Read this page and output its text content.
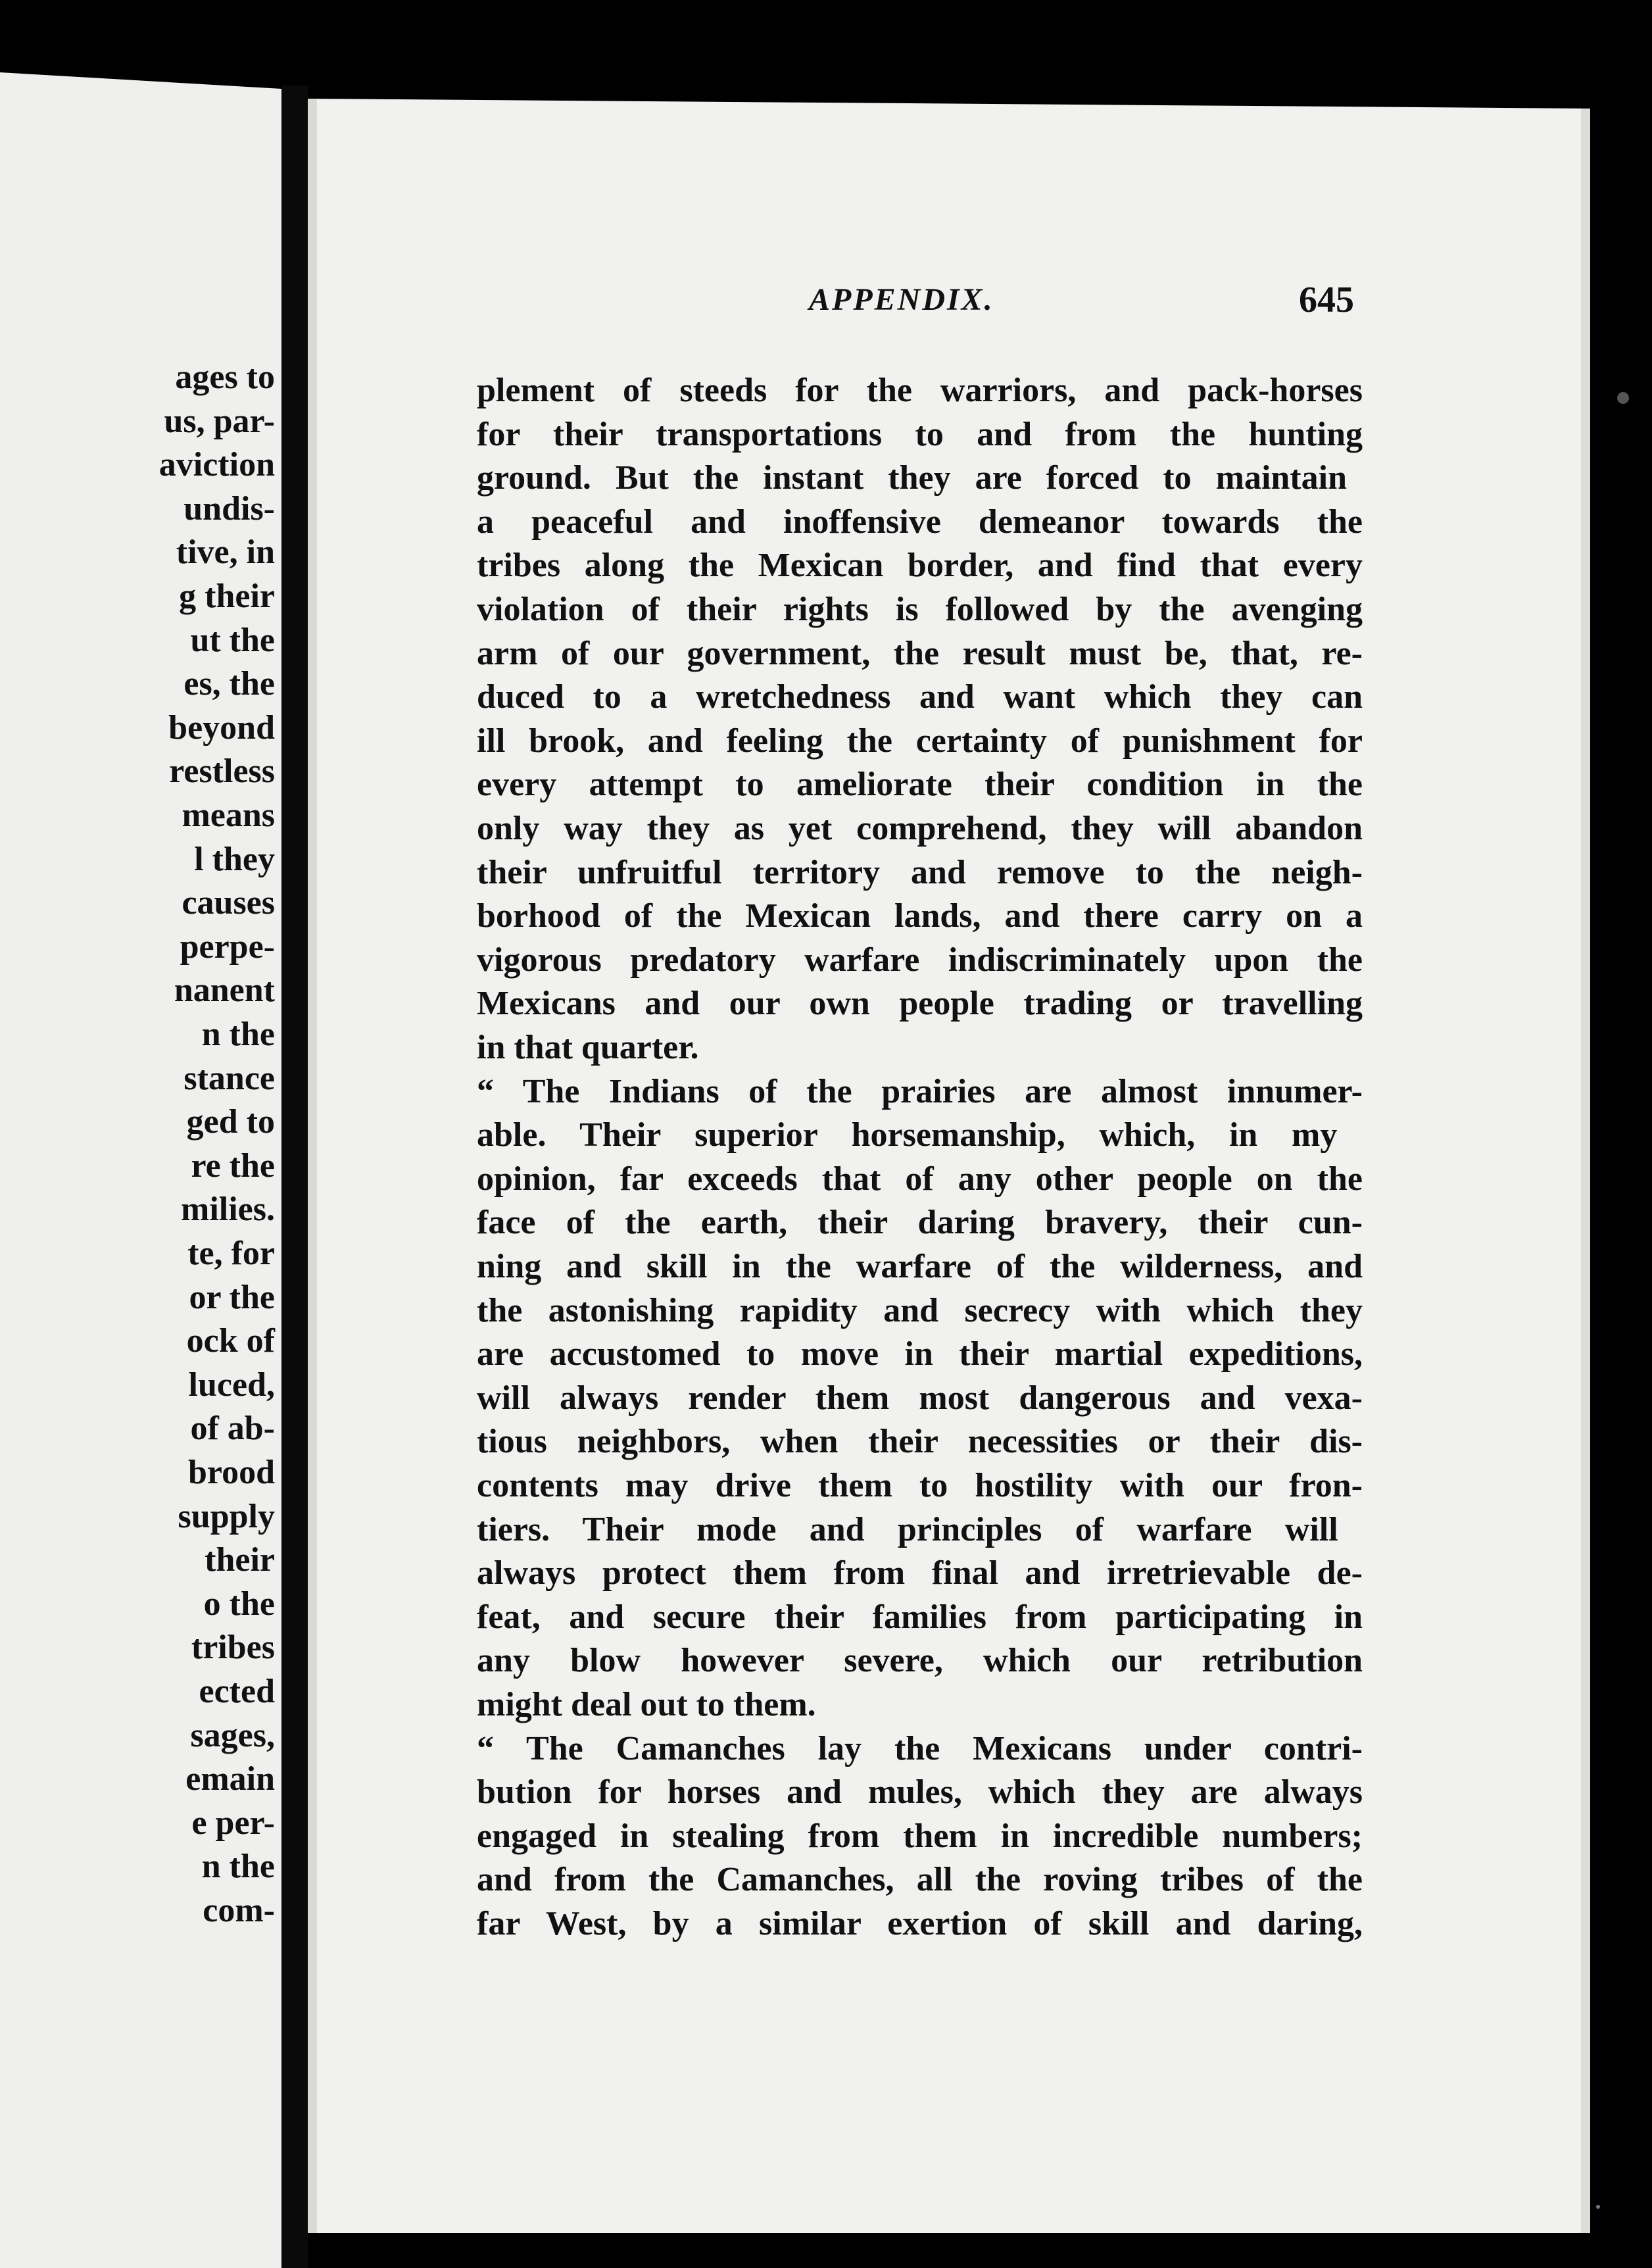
APPENDIX.	645
ages to
us, par-
aviction
undis-
tive, in
g their
ut the
es, the
beyond
restless
means
l they
causes
perpe-
nanent
n the
stance
ged to
re the
milies.
te, for
or the
ock of
luced,
of ab-
brood
supply
their
o the
tribes
ected
sages,
emain
e per-
n the
com-
plement of steeds for the warriors, and pack-horses
for their transportations to and from the hunting
ground. But the instant they are forced to maintain
a peaceful and inoffensive demeanor towards the
tribes along the Mexican border, and find that every
violation of their rights is followed by the avenging
arm of our government, the result must be, that, re-
duced to a wretchedness and want which they can
ill brook, and feeling the certainty of punishment for
every attempt to ameliorate their condition in the
only way they as yet comprehend, they will abandon
their unfruitful territory and remove to the neigh-
borhood of the Mexican lands, and there carry on a
vigorous predatory warfare indiscriminately upon the
Mexicans and our own people trading or travelling
in that quarter.
“ The Indians of the prairies are almost innumer-
able. Their superior horsemanship, which, in my
opinion, far exceeds that of any other people on the
face of the earth, their daring bravery, their cun-
ning and skill in the warfare of the wilderness, and
the astonishing rapidity and secrecy with which they
are accustomed to move in their martial expeditions,
will always render them most dangerous and vexa-
tious neighbors, when their necessities or their dis-
contents may drive them to hostility with our fron-
tiers. Their mode and principles of warfare will
always protect them from final and irretrievable de-
feat, and secure their families from participating in
any blow however severe, which our retribution
might deal out to them.
“ The Camanches lay the Mexicans under contri-
bution for horses and mules, which they are always
engaged in stealing from them in incredible numbers;
and from the Camanches, all the roving tribes of the
far West, by a similar exertion of skill and daring,
